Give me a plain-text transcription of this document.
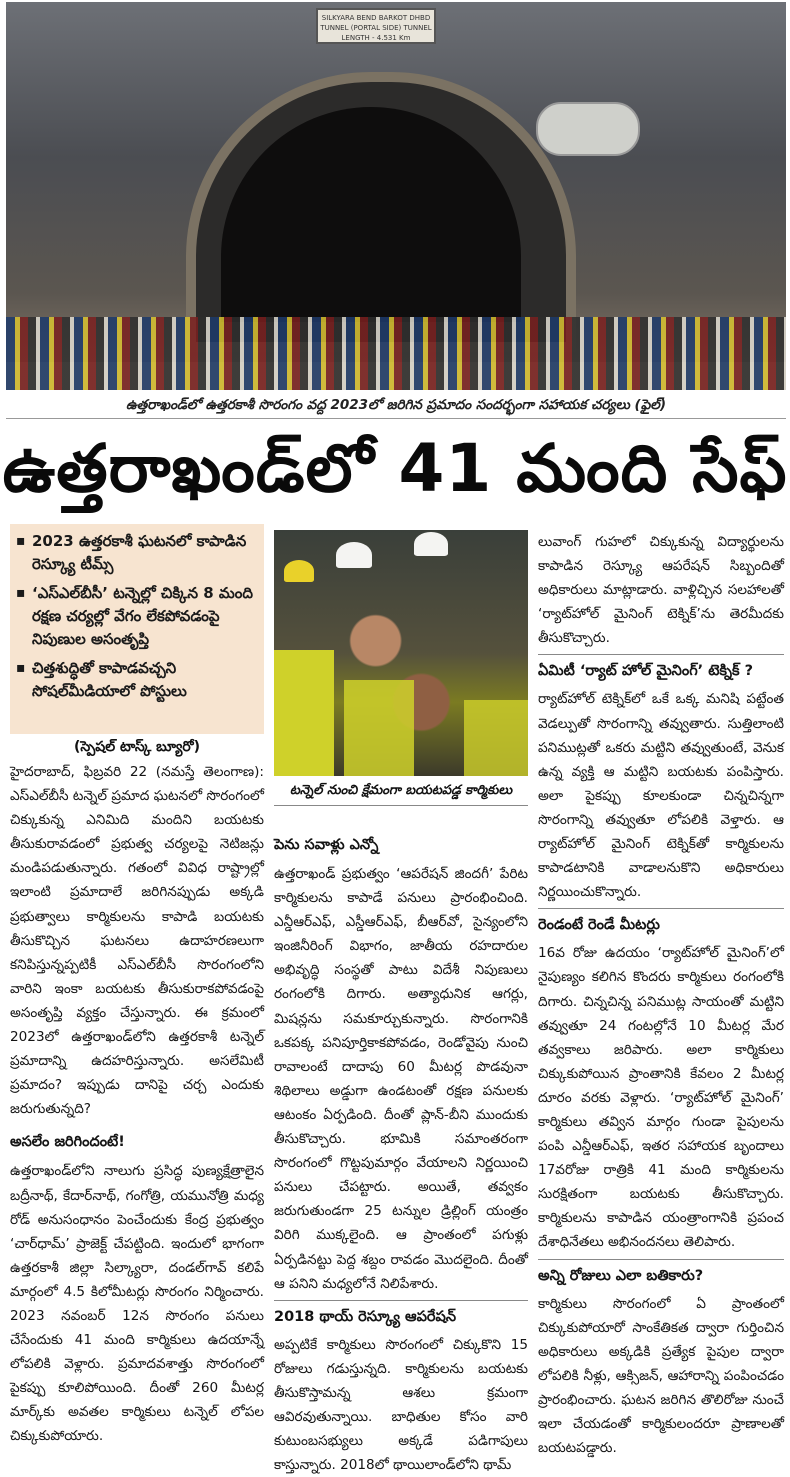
SILKYARA BEND BARKOT DHBD TUNNEL (PORTAL SIDE) TUNNEL LENGTH - 4.531 Km
ఉత్తరాఖండ్‌లో ఉత్తరకాశీ సొరంగం వద్ద 2023లో జరిగిన ప్రమాదం సందర్భంగా సహాయక చర్యలు (ఫైల్)
ఉత్తరాఖండ్‌లో 41 మంది సేఫ్
▪ 2023 ఉత్తరకాశీ ఘటనలో కాపాడిన రెస్క్యూ టీమ్స్
▪ ‘ఎస్‌ఎల్‌బీసీ’ టన్నెల్లో చిక్కిన 8 మంది రక్షణ చర్యల్లో వేగం లేకపోవడంపై నిపుణుల అసంతృప్తి
▪ చిత్తశుద్ధితో కాపాడవచ్చని సోషల్‌మీడియాలో పోస్టులు
(స్పెషల్ టాస్క్ బ్యూరో)

హైదరాబాద్, ఫిబ్రవరి 22 (నమస్తే తెలంగాణ): ఎస్‌ఎల్‌బీసీ టన్నెల్ ప్రమాద ఘటనలో సొరంగంలో చిక్కుకున్న ఎనిమిది మందిని బయటకు తీసుకురావడంలో ప్రభుత్వ చర్యలపై నెటిజన్లు మండిపడుతున్నారు. గతంలో వివిధ రాష్ట్రాల్లో ఇలాంటి ప్రమాదాలే జరిగినప్పుడు అక్కడి ప్రభుత్వాలు కార్మికులను కాపాడి బయటకు తీసుకొచ్చిన ఘటనలు ఉదాహరణలుగా కనిపిస్తున్నప్పటికీ ఎస్‌ఎల్‌బీసీ సొరంగంలోని వారిని ఇంకా బయటకు తీసుకురాకపోవడంపై అసంతృప్తి వ్యక్తం చేస్తున్నారు. ఈ క్రమంలో 2023లో ఉత్తరాఖండ్‌లోని ఉత్తరకాశీ టన్నెల్ ప్రమాదాన్ని ఉదహరిస్తున్నారు. అసలేమిటీ ప్రమాదం? ఇప్పుడు దానిపై చర్చ ఎందుకు జరుగుతున్నది?

అసలేం జరిగిందంటే!

ఉత్తరాఖండ్‌లోని నాలుగు ప్రసిద్ధ పుణ్యక్షేత్రాలైన బద్రీనాథ్, కేదార్‌నాథ్, గంగోత్రి, యమునోత్రి మధ్య రోడ్ అనుసంధానం పెంచేందుకు కేంద్ర ప్రభుత్వం ‘చార్‌ధామ్’ ప్రాజెక్ట్ చేపట్టింది. ఇందులో భాగంగా ఉత్తరకాశీ జిల్లా సిల్క్యారా, దండల్‌గావ్ కలిపే మార్గంలో 4.5 కిలోమీటర్లు సొరంగం నిర్మించారు. 2023 నవంబర్ 12న సొరంగం పనులు చేసేందుకు 41 మంది కార్మికులు ఉదయాన్నే లోపలికి వెళ్లారు. ప్రమాదవశాత్తు సొరంగంలో పైకప్పు కూలిపోయింది. దీంతో 260 మీటర్ల మార్క్‌కు అవతల కార్మికులు టన్నెల్ లోపల చిక్కుకుపోయారు.

టన్నెల్ నుంచి క్షేమంగా బయటపడ్డ కార్మికులు
పెను సవాళ్లు ఎన్నో

ఉత్తరాఖండ్ ప్రభుత్వం ‘ఆపరేషన్ జిందగీ’ పేరిట కార్మికులను కాపాడే పనులు ప్రారంభించింది. ఎన్డీఆర్‌ఎఫ్, ఎస్డీఆర్‌ఎఫ్, బీఆర్‌వో, సైన్యంలోని ఇంజినీరింగ్ విభాగం, జాతీయ రహదారుల అభివృద్ధి సంస్థతో పాటు విదేశీ నిపుణులు రంగంలోకి దిగారు. అత్యాధునిక ఆగర్లు, మిషన్లను సమకూర్చుకున్నారు. సొరంగానికి ఒకపక్క పనిపూర్తికాకపోవడం, రెండోవైపు నుంచి రావాలంటే దాదాపు 60 మీటర్ల పొడవునా శిథిలాలు అడ్డుగా ఉండటంతో రక్షణ పనులకు ఆటంకం ఏర్పడింది. దీంతో ప్లాన్-బీని ముందుకు తీసుకొచ్చారు. భూమికి సమాంతరంగా సొరంగంలో గొట్టపుమార్గం వేయాలని నిర్ణయించి పనులు చేపట్టారు. అయితే, తవ్వకం జరుగుతుండగా 25 టన్నుల డ్రిల్లింగ్ యంత్రం విరిగి ముక్కలైంది. ఆ ప్రాంతంలో పగుళ్లు ఏర్పడినట్టు పెద్ద శబ్దం రావడం మొదలైంది. దీంతో ఆ పనిని మధ్యలోనే నిలిపేశారు.

2018 థాయ్ రెస్క్యూ ఆపరేషన్

అప్పటికే కార్మికులు సొరంగంలో చిక్కుకొని 15 రోజులు గడుస్తున్నది. కార్మికులను బయటకు తీసుకొస్తామన్న ఆశలు క్రమంగా ఆవిరవుతున్నాయి. బాధితుల కోసం వారి కుటుంబసభ్యులు అక్కడే పడిగాపులు కాస్తున్నారు. 2018లో థాయిలాండ్‌లోని థామ్

లువాంగ్ గుహలో చిక్కుకున్న విద్యార్థులను కాపాడిన రెస్క్యూ ఆపరేషన్ సిబ్బందితో అధికారులు మాట్లాడారు. వాళ్లిచ్చిన సలహాలతో ‘ర్యాట్‌హోల్ మైనింగ్ టెక్నిక్’ను తెరమీదకు తీసుకొచ్చారు.

ఏమిటీ ‘ర్యాట్ హోల్ మైనింగ్’ టెక్నిక్ ?

ర్యాట్‌హోల్ టెక్నిక్‌లో ఒకే ఒక్క మనిషి పట్టేంత వెడల్పుతో సొరంగాన్ని తవ్వుతారు. సుత్తిలాంటి పనిముట్లతో ఒకరు మట్టిని తవ్వుతుంటే, వెనుక ఉన్న వ్యక్తి ఆ మట్టిని బయటకు పంపిస్తారు. అలా పైకప్పు కూలకుండా చిన్నచిన్నగా సొరంగాన్ని తవ్వుతూ లోపలికి వెళ్తారు. ఆ ర్యాట్‌హోల్ మైనింగ్ టెక్నిక్‌తో కార్మికులను కాపాడటానికి వాడాలనుకొని అధికారులు నిర్ణయించుకొన్నారు.

రెండంటే రెండే మీటర్లు

16వ రోజు ఉదయం ‘ర్యాట్‌హోల్ మైనింగ్’లో నైపుణ్యం కలిగిన కొందరు కార్మికులు రంగంలోకి దిగారు. చిన్నచిన్న పనిముట్ల సాయంతో మట్టిని తవ్వుతూ 24 గంటల్లోనే 10 మీటర్ల మేర తవ్వకాలు జరిపారు. అలా కార్మికులు చిక్కుకుపోయిన ప్రాంతానికి కేవలం 2 మీటర్ల దూరం వరకు వెళ్లారు. ‘ర్యాట్‌హోల్ మైనింగ్’ కార్మికులు తవ్విన మార్గం గుండా పైపులను పంపి ఎన్డీఆర్‌ఎఫ్, ఇతర సహాయక బృందాలు 17వరోజు రాత్రికి 41 మంది కార్మికులను సురక్షితంగా బయటకు తీసుకొచ్చారు. కార్మికులను కాపాడిన యంత్రాంగానికి ప్రపంచ దేశాధినేతలు అభినందనలు తెలిపారు.

అన్ని రోజులు ఎలా బతికారు?

కార్మికులు సొరంగంలో ఏ ప్రాంతంలో చిక్కుకుపోయారో సాంకేతికత ద్వారా గుర్తించిన అధికారులు అక్కడికి ప్రత్యేక పైపుల ద్వారా లోపలికి నీళ్లు, ఆక్సిజన్, ఆహారాన్ని పంపించడం ప్రారంభించారు. ఘటన జరిగిన తొలిరోజు నుంచే ఇలా చేయడంతో కార్మికులందరూ ప్రాణాలతో బయటపడ్డారు.
